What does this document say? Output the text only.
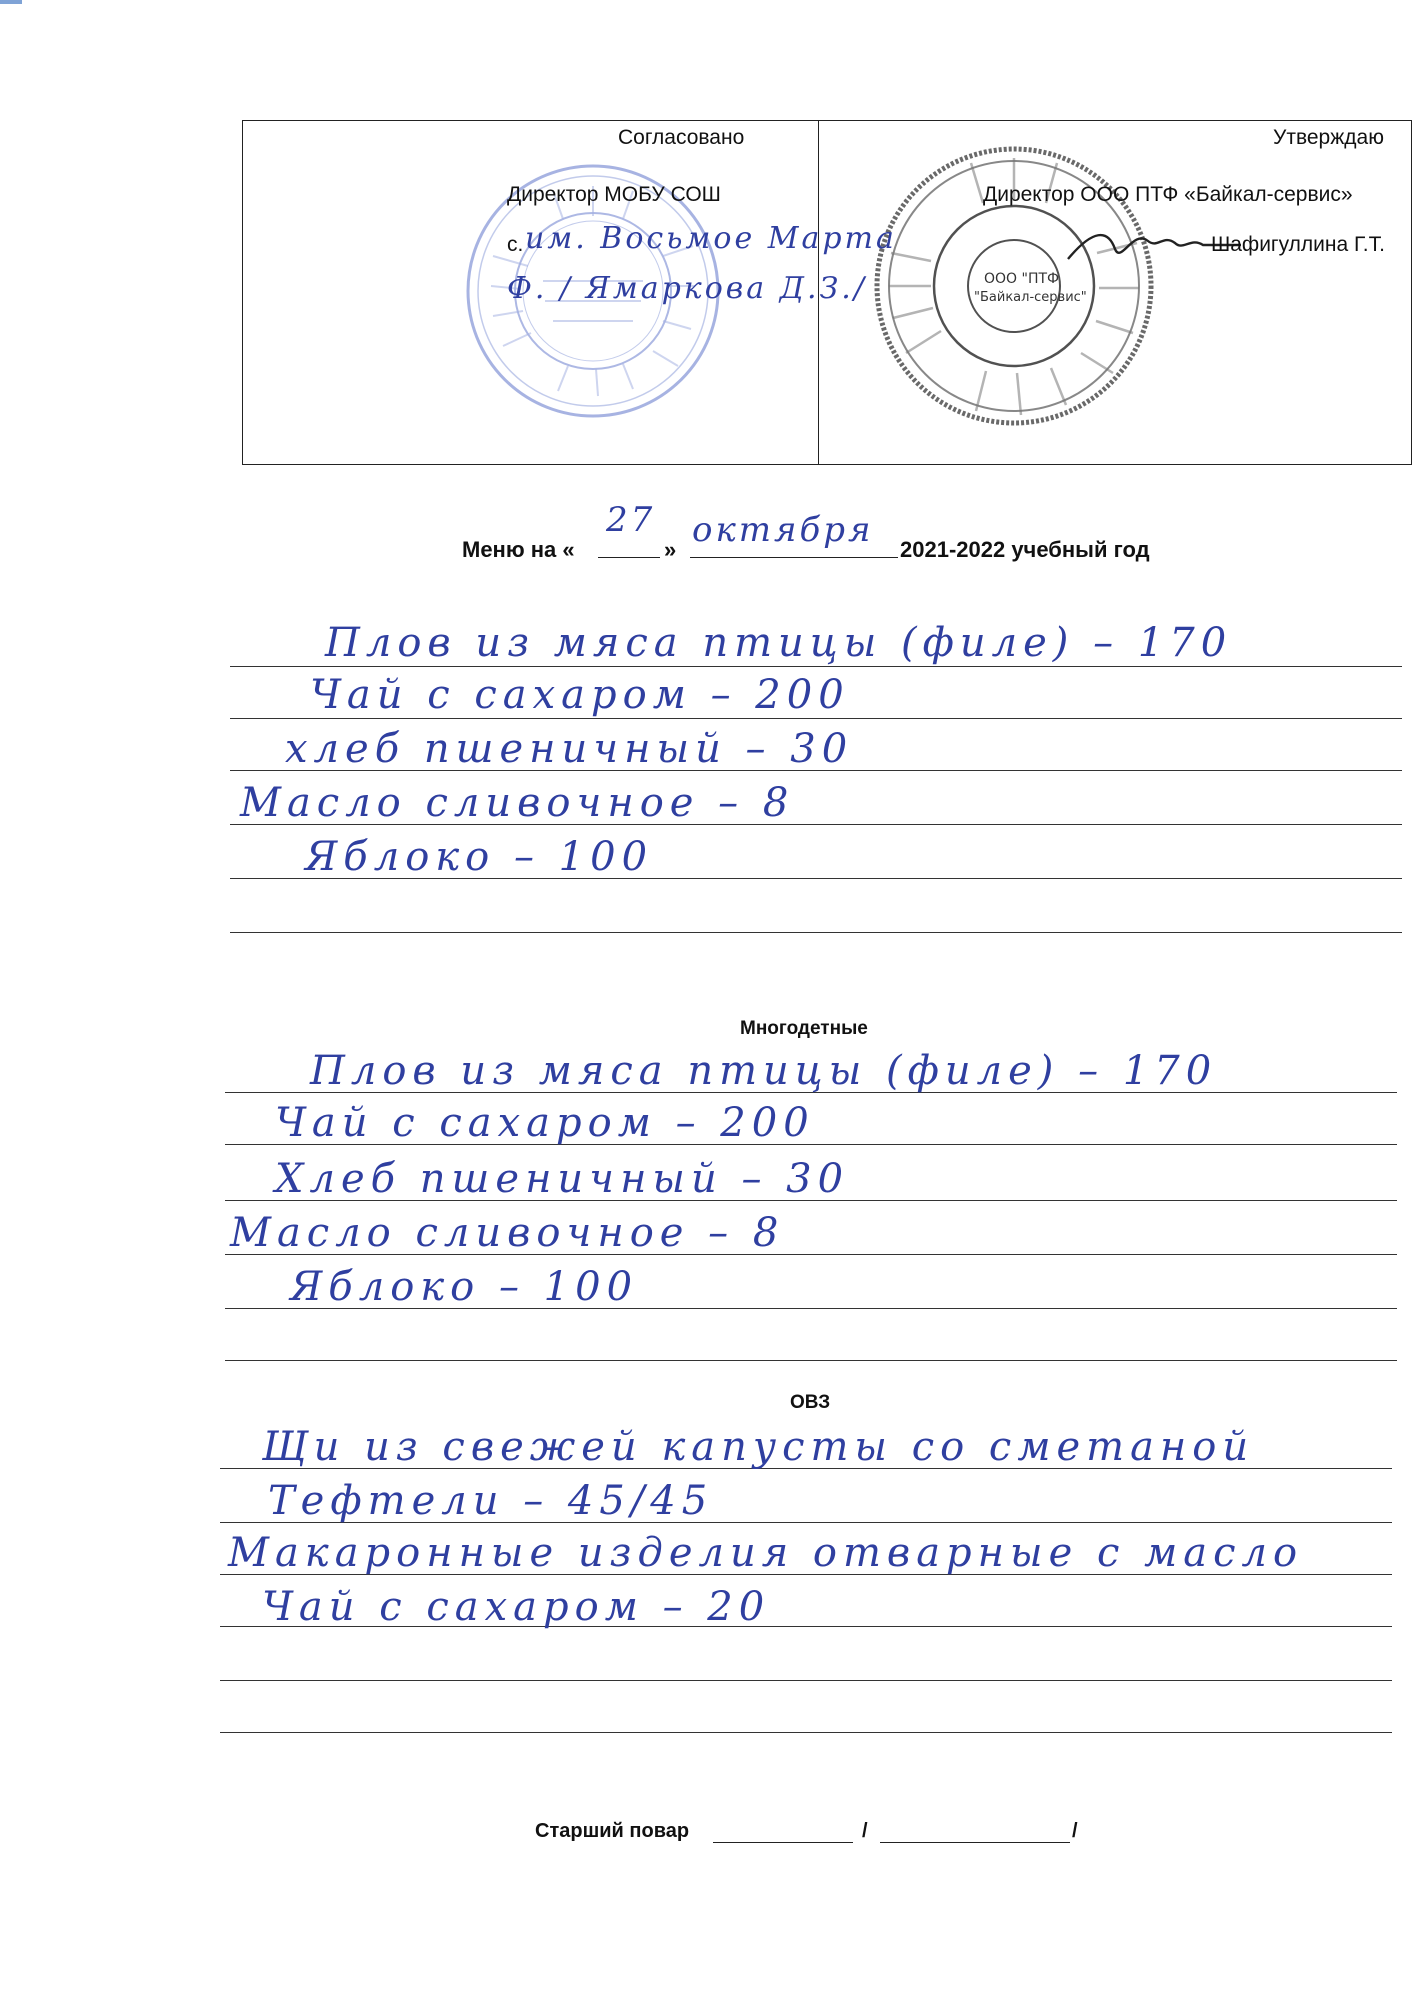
ООО "ПТФ
"Байкал-сервис"
Согласовано
Директор МОБУ СОШ
с. им. Восьмое Марта
Ф. / Ямаркова Д.З./
Утверждаю
Директор ООО ПТФ «Байкал-сервис»
Шафигуллина Г.Т.
Меню на «
27
» октября 2021-2022 учебный год
Плов из мяса птицы (филе) – 170
Чай с сахаром – 200
хлеб пшеничный – 30
Масло сливочное – 8
Яблоко – 100
Многодетные
Плов из мяса птицы (филе) – 170
Чай с сахаром – 200
Хлеб пшеничный – 30
Масло сливочное – 8
Яблоко – 100
ОВЗ
Щи из свежей капусты со сметаной
Тефтели – 45/45
Макаронные изделия отварные с масло
Чай с сахаром – 20
Старший повар	/	/
